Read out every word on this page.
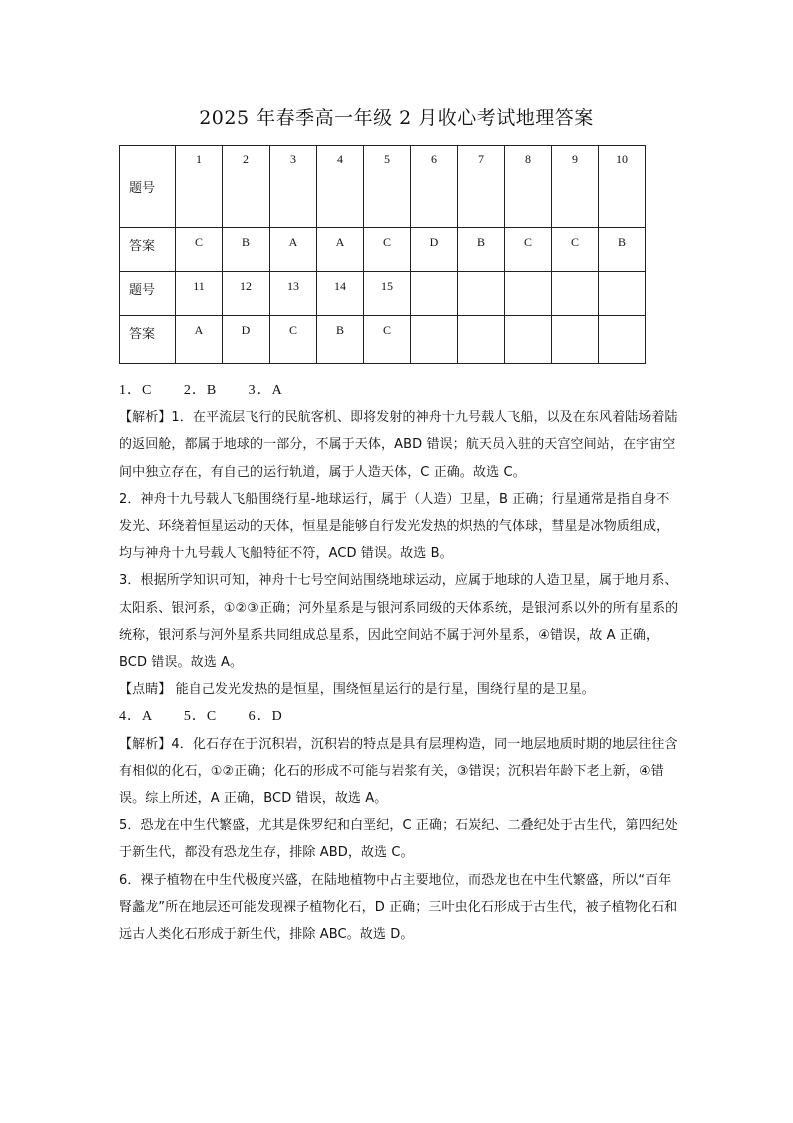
2025 年春季高一年级 2 月收心考试地理答案
题号	1	2	3	4	5	6	7	8	9	10
答案	C	B	A	A	C	D	B	C	C	B
题号	11	12	13	14	15					
答案	A	D	C	B	C					

1．C　 2．B　 3．A

【解析】1．在平流层飞行的民航客机、即将发射的神舟十九号载人飞船，以及在东风着陆场着陆的返回舱，都属于地球的一部分，不属于天体，ABD 错误；航天员入驻的天宫空间站，在宇宙空间中独立存在，有自己的运行轨道，属于人造天体，C 正确。故选 C。

2．神舟十九号载人飞船围绕行星-地球运行，属于（人造）卫星，B 正确；行星通常是指自身不发光、环绕着恒星运动的天体，恒星是能够自行发光发热的炽热的气体球，彗星是冰物质组成，均与神舟十九号载人飞船特征不符，ACD 错误。故选 B。

3．根据所学知识可知，神舟十七号空间站围绕地球运动，应属于地球的人造卫星，属于地月系、太阳系、银河系，①②③正确；河外星系是与银河系同级的天体系统，是银河系以外的所有星系的统称，银河系与河外星系共同组成总星系，因此空间站不属于河外星系，④错误，故 A 正确，BCD 错误。故选 A。

【点睛】 能自己发光发热的是恒星，围绕恒星运行的是行星，围绕行星的是卫星。

4．A　 5．C　 6．D

【解析】4．化石存在于沉积岩，沉积岩的特点是具有层理构造，同一地层地质时期的地层往往含有相似的化石，①②正确；化石的形成不可能与岩浆有关，③错误；沉积岩年龄下老上新，④错误。综上所述，A 正确，BCD 错误，故选 A。

5．恐龙在中生代繁盛，尤其是侏罗纪和白垩纪，C 正确；石炭纪、二叠纪处于古生代，第四纪处于新生代，都没有恐龙生存，排除 ABD，故选 C。

6．裸子植物在中生代极度兴盛，在陆地植物中占主要地位，而恐龙也在中生代繁盛，所以“百年腎蠡龙”所在地层还可能发现裸子植物化石，D 正确；三叶虫化石形成于古生代，被子植物化石和远古人类化石形成于新生代，排除 ABC。故选 D。
